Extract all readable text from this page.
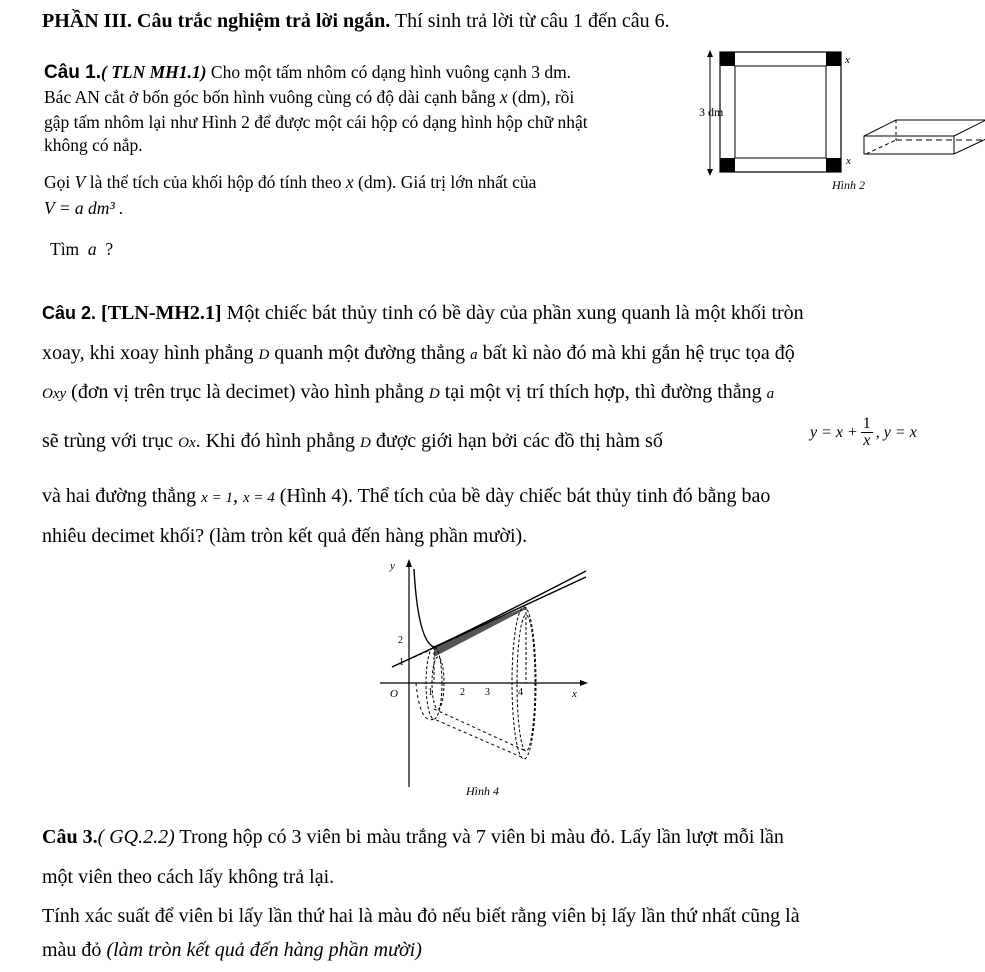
PHẦN III. Câu trắc nghiệm trả lời ngắn. Thí sinh trả lời từ câu 1 đến câu 6.
Câu 1.( TLN MH1.1) Cho một tấm nhôm có dạng hình vuông cạnh 3 dm.
Bác AN cắt ở bốn góc bốn hình vuông cùng có độ dài cạnh bằng x (dm), rồi
gập tấm nhôm lại như Hình 2 để được một cái hộp có dạng hình hộp chữ nhật
không có nắp.
Gọi V là thể tích của khối hộp đó tính theo x (dm). Giá trị lớn nhất của
V = a dm³ .
Tìm a ?
3 dm
x
x
Hình 2
Câu 2. [TLN-MH2.1] Một chiếc bát thủy tinh có bề dày của phần xung quanh là một khối tròn
xoay, khi xoay hình phẳng D quanh một đường thẳng a bất kì nào đó mà khi gắn hệ trục tọa độ
Oxy (đơn vị trên trục là decimet) vào hình phẳng D tại một vị trí thích hợp, thì đường thẳng a
sẽ trùng với trục Ox. Khi đó hình phẳng D được giới hạn bởi các đồ thị hàm số	$y = x + \frac{1}{x}$ , y = x
và hai đường thẳng x = 1, x = 4 (Hình 4). Thể tích của bề dày chiếc bát thủy tinh đó bằng bao
nhiêu decimet khối? (làm tròn kết quả đến hàng phần mười).
y
x
O	1	2 3	4
1
2
Hình 4
Câu 3.( GQ.2.2) Trong hộp có 3 viên bi màu trắng và 7 viên bi màu đỏ. Lấy lần lượt mỗi lần
một viên theo cách lấy không trả lại.
Tính xác suất để viên bi lấy lần thứ hai là màu đỏ nếu biết rằng viên bị lấy lần thứ nhất cũng là
màu đỏ (làm tròn kết quả đến hàng phần mười)
